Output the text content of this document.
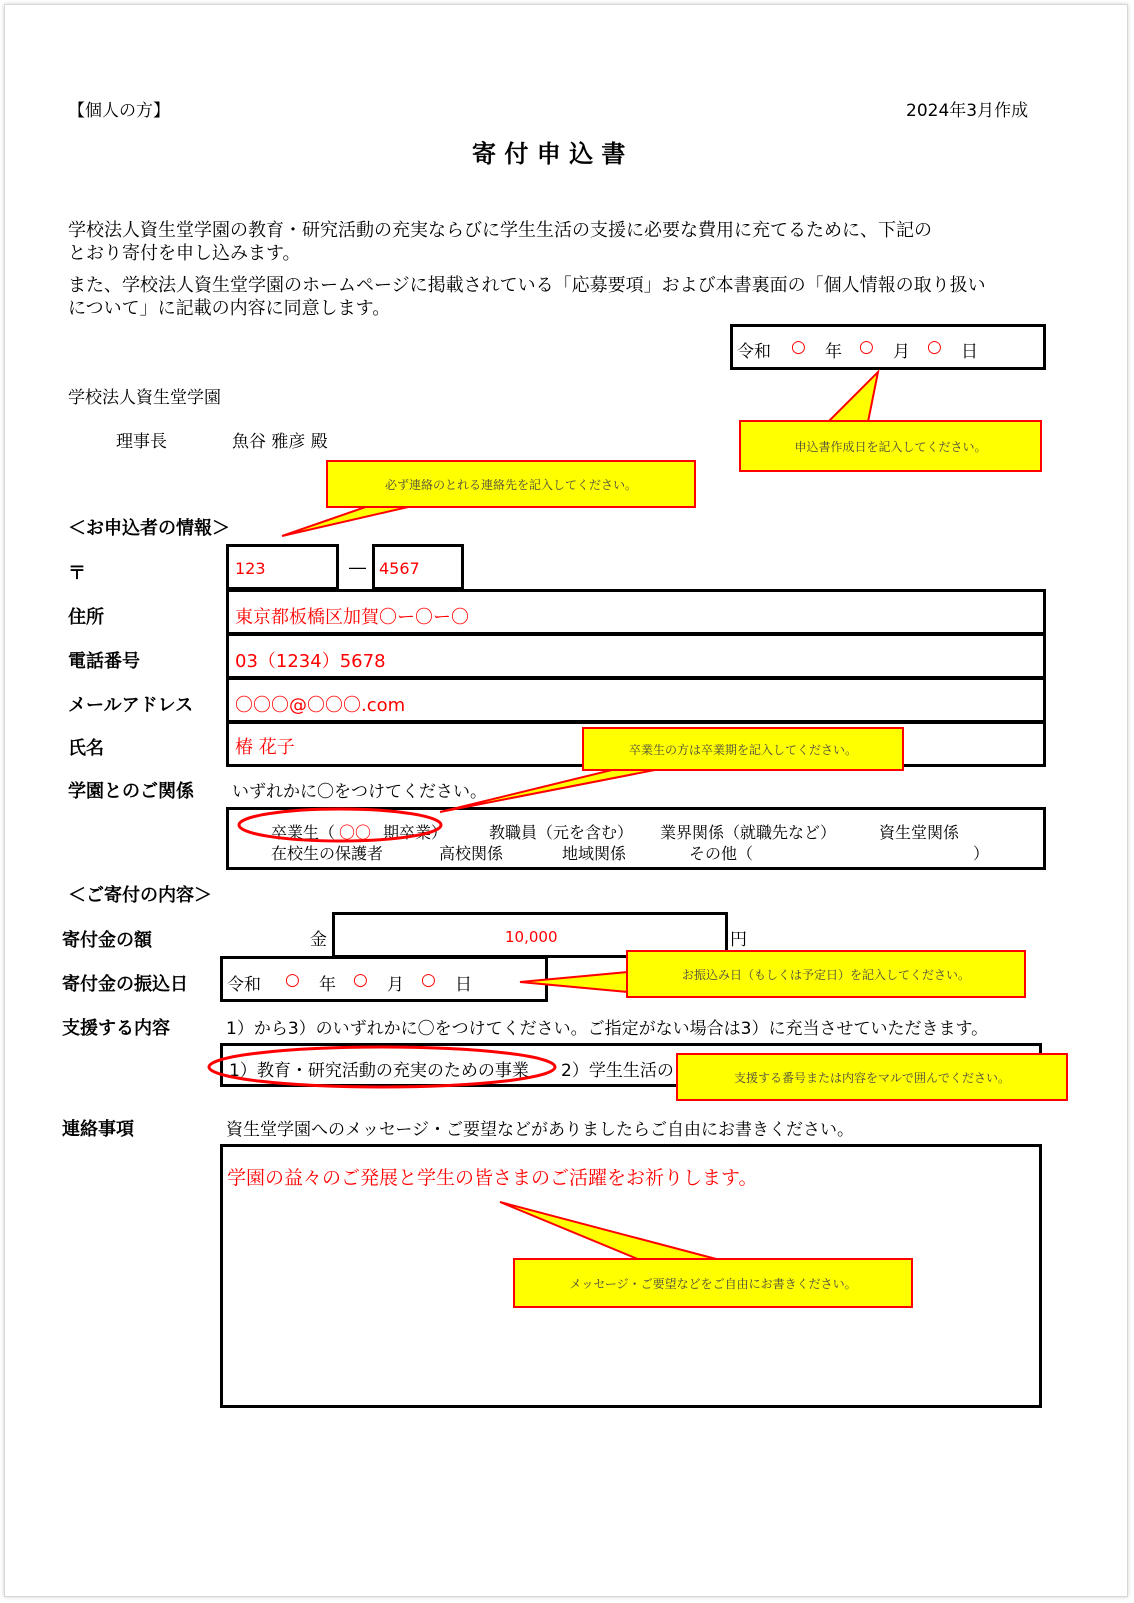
【個人の方】	2024年3月作成
寄 付 申 込 書
学校法人資生堂学園の教育・研究活動の充実ならびに学生生活の支援に必要な費用に充てるために、下記の
とおり寄付を申し込みます。
また、学校法人資生堂学園のホームページに掲載されている「応募要項」および本書裏面の「個人情報の取り扱い
について」に記載の内容に同意します。
令和 ○ 年 ○ 月 ○ 日
学校法人資生堂学園
理事長	魚谷 雅彦 殿
＜お申込者の情報＞
〒	123	― 4567
住所	東京都板橋区加賀〇ー〇ー〇
電話番号	03（1234）5678
メールアドレス 〇〇〇@〇〇〇.com
氏名	椿 花子
学園とのご関係 いずれかに〇をつけてください。
卒業生（ 〇〇 期卒業）	教職員（元を含む） 業界関係（就職先など）	資生堂関係
在校生の保護者	高校関係	地域関係	その他（	）
＜ご寄付の内容＞
寄付金の額	金	10,000	円
寄付金の振込日 令和 ○ 年 ○ 月 ○ 日
支援する内容	1）から3）のいずれかに〇をつけてください。ご指定がない場合は3）に充当させていただきます。
1）教育・研究活動の充実のための事業 2）学生生活の
連絡事項	資生堂学園へのメッセージ・ご要望などがありましたらご自由にお書きください。
学園の益々のご発展と学生の皆さまのご活躍をお祈りします。
申込書作成日を記入してください。
必ず連絡のとれる連絡先を記入してください。
卒業生の方は卒業期を記入してください。
お振込み日（もしくは予定日）を記入してください。
支援する番号または内容をマルで囲んでください。
メッセージ・ご要望などをご自由にお書きください。
